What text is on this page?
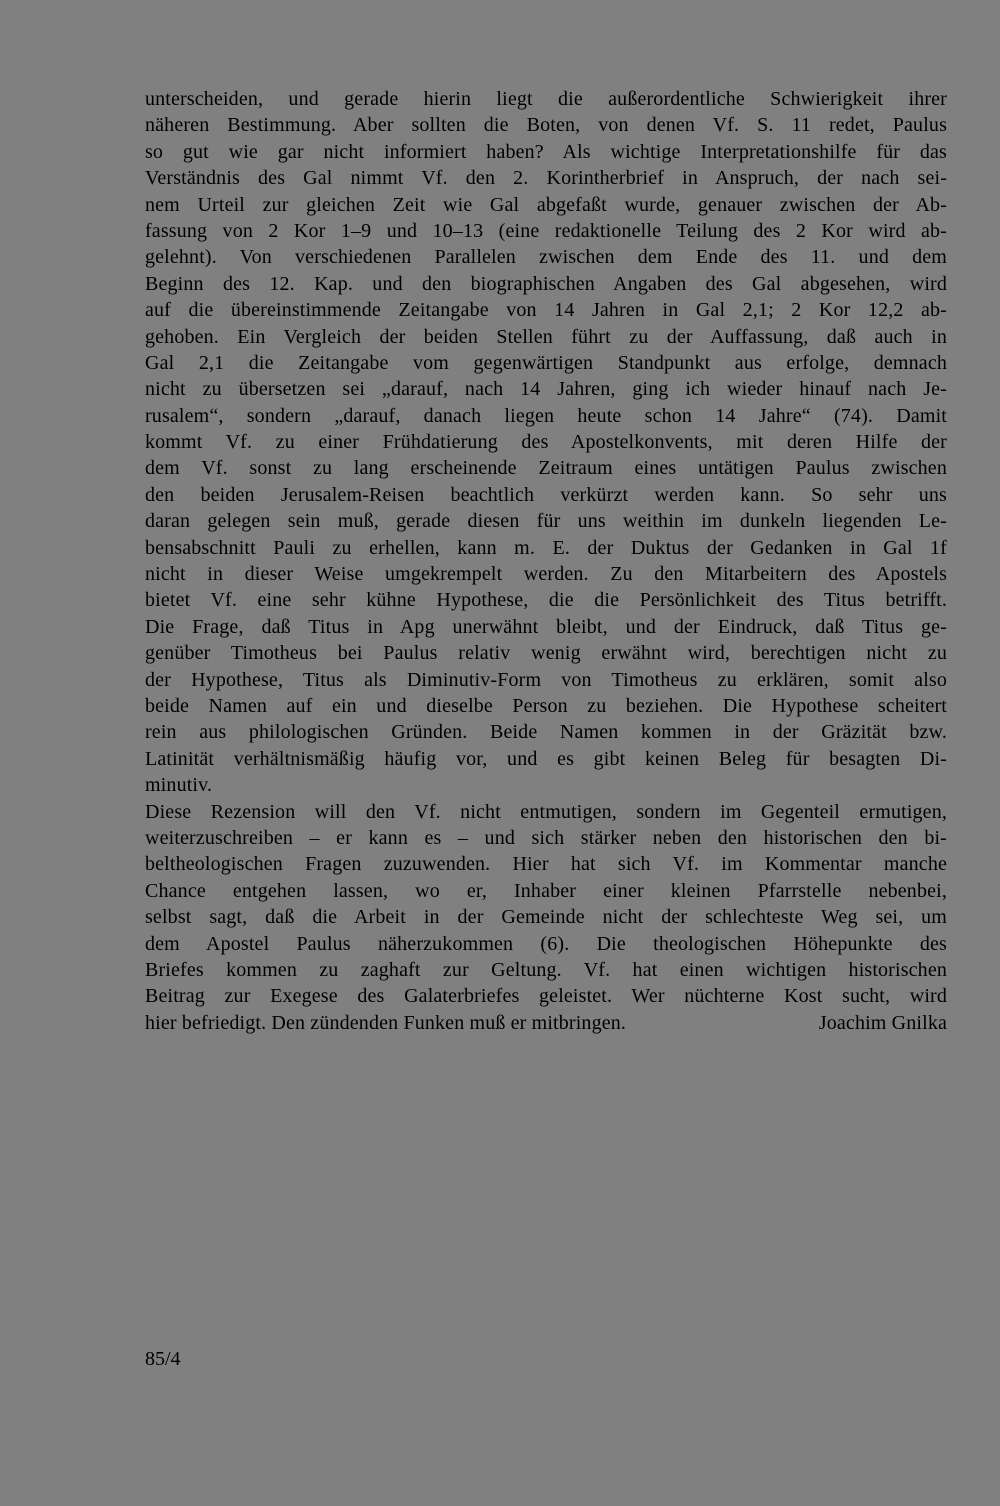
unterscheiden, und gerade hierin liegt die außerordentliche Schwierigkeit ihrer
näheren Bestimmung. Aber sollten die Boten, von denen Vf. S. 11 redet, Paulus
so gut wie gar nicht informiert haben? Als wichtige Interpretationshilfe für das
Verständnis des Gal nimmt Vf. den 2. Korintherbrief in Anspruch, der nach sei-
nem Urteil zur gleichen Zeit wie Gal abgefaßt wurde, genauer zwischen der Ab-
fassung von 2 Kor 1–9 und 10–13 (eine redaktionelle Teilung des 2 Kor wird ab-
gelehnt). Von verschiedenen Parallelen zwischen dem Ende des 11. und dem
Beginn des 12. Kap. und den biographischen Angaben des Gal abgesehen, wird
auf die übereinstimmende Zeitangabe von 14 Jahren in Gal 2,1; 2 Kor 12,2 ab-
gehoben. Ein Vergleich der beiden Stellen führt zu der Auffassung, daß auch in
Gal 2,1 die Zeitangabe vom gegenwärtigen Standpunkt aus erfolge, demnach
nicht zu übersetzen sei „darauf, nach 14 Jahren, ging ich wieder hinauf nach Je-
rusalem“, sondern „darauf, danach liegen heute schon 14 Jahre“ (74). Damit
kommt Vf. zu einer Frühdatierung des Apostelkonvents, mit deren Hilfe der
dem Vf. sonst zu lang erscheinende Zeitraum eines untätigen Paulus zwischen
den beiden Jerusalem-Reisen beachtlich verkürzt werden kann. So sehr uns
daran gelegen sein muß, gerade diesen für uns weithin im dunkeln liegenden Le-
bensabschnitt Pauli zu erhellen, kann m. E. der Duktus der Gedanken in Gal 1f
nicht in dieser Weise umgekrempelt werden. Zu den Mitarbeitern des Apostels
bietet Vf. eine sehr kühne Hypothese, die die Persönlichkeit des Titus betrifft.
Die Frage, daß Titus in Apg unerwähnt bleibt, und der Eindruck, daß Titus ge-
genüber Timotheus bei Paulus relativ wenig erwähnt wird, berechtigen nicht zu
der Hypothese, Titus als Diminutiv-Form von Timotheus zu erklären, somit also
beide Namen auf ein und dieselbe Person zu beziehen. Die Hypothese scheitert
rein aus philologischen Gründen. Beide Namen kommen in der Gräzität bzw.
Latinität verhältnismäßig häufig vor, und es gibt keinen Beleg für besagten Di-
minutiv.
Diese Rezension will den Vf. nicht entmutigen, sondern im Gegenteil ermutigen,
weiterzuschreiben – er kann es – und sich stärker neben den historischen den bi-
beltheologischen Fragen zuzuwenden. Hier hat sich Vf. im Kommentar manche
Chance entgehen lassen, wo er, Inhaber einer kleinen Pfarrstelle nebenbei,
selbst sagt, daß die Arbeit in der Gemeinde nicht der schlechteste Weg sei, um
dem Apostel Paulus näherzukommen (6). Die theologischen Höhepunkte des
Briefes kommen zu zaghaft zur Geltung. Vf. hat einen wichtigen historischen
Beitrag zur Exegese des Galaterbriefes geleistet. Wer nüchterne Kost sucht, wird
hier befriedigt. Den zündenden Funken muß er mitbringen.	Joachim Gnilka
85/4
